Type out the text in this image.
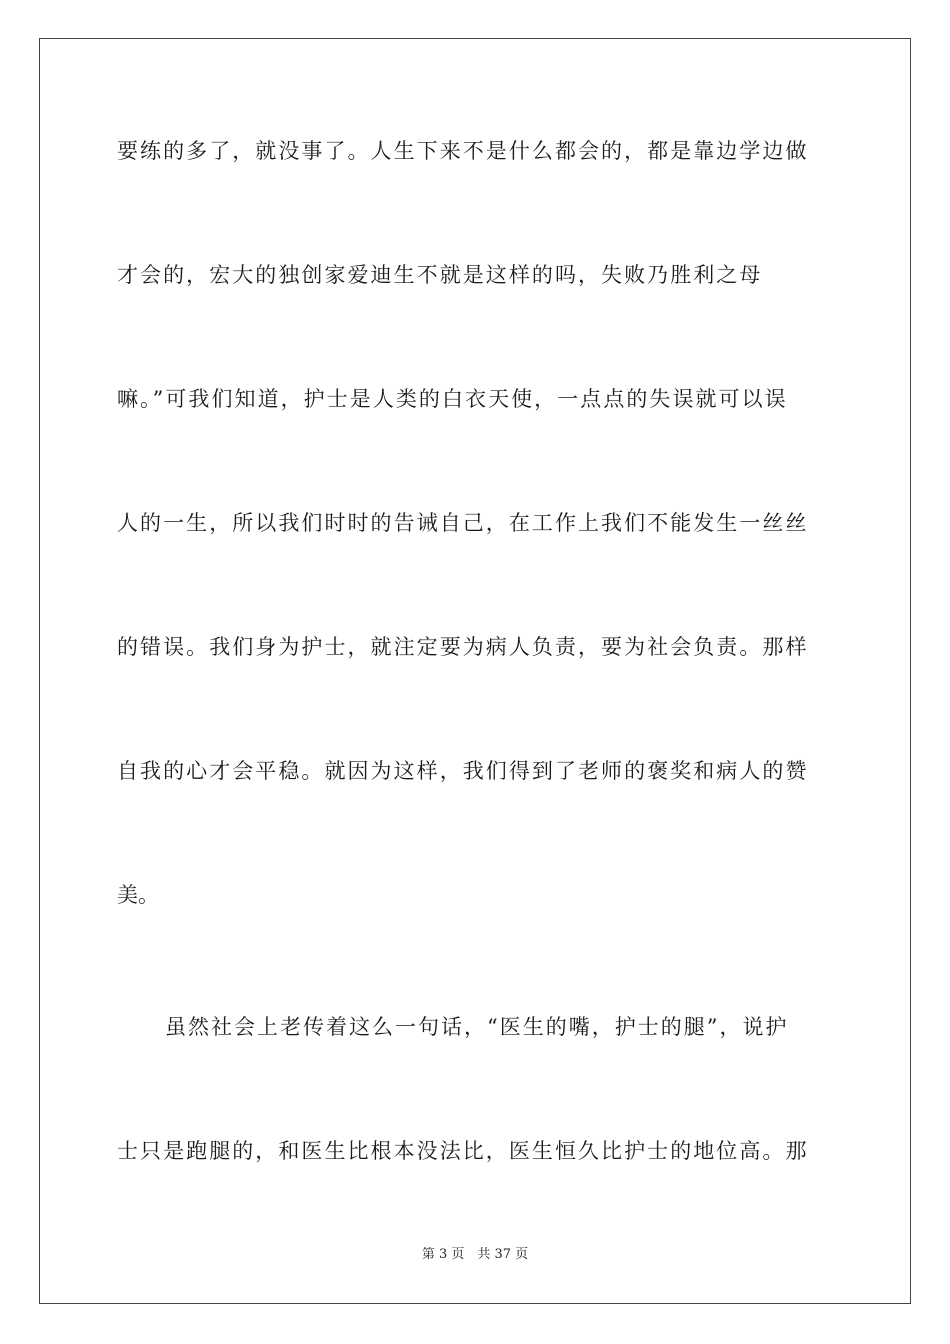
要练的多了，就没事了。人生下来不是什么都会的，都是靠边学边做
才会的，宏大的独创家爱迪生不就是这样的吗，失败乃胜利之母
嘛。”可我们知道，护士是人类的白衣天使，一点点的失误就可以误
人的一生，所以我们时时的告诫自己，在工作上我们不能发生一丝丝
的错误。我们身为护士，就注定要为病人负责，要为社会负责。那样
自我的心才会平稳。就因为这样，我们得到了老师的褒奖和病人的赞
美。
虽然社会上老传着这么一句话，“医生的嘴，护士的腿”，说护
士只是跑腿的，和医生比根本没法比，医生恒久比护士的地位高。那
第 3 页　共 37 页
